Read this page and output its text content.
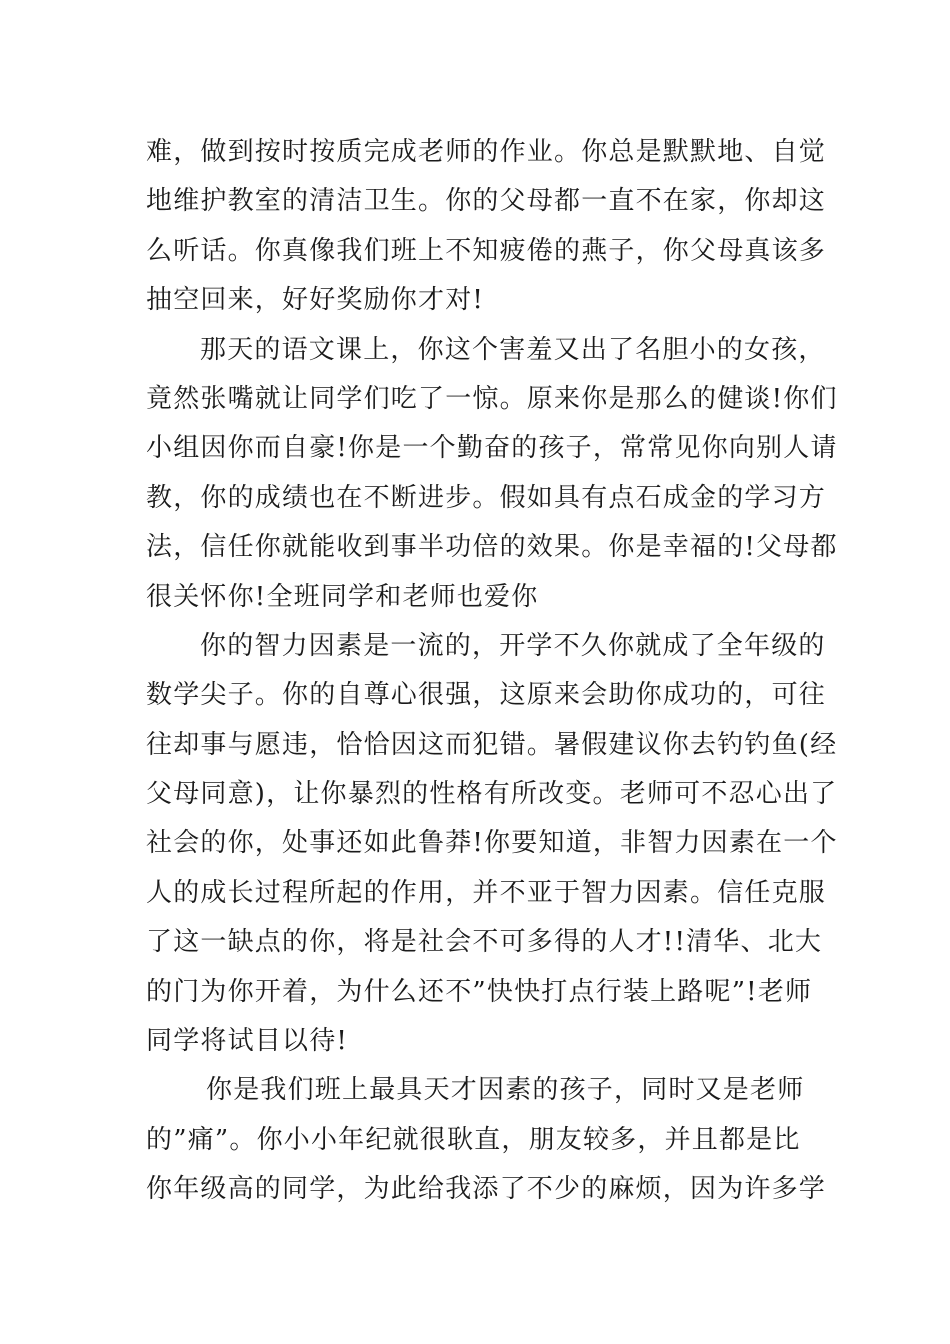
难，做到按时按质完成老师的作业。你总是默默地、自觉
地维护教室的清洁卫生。你的父母都一直不在家，你却这
么听话。你真像我们班上不知疲倦的燕子，你父母真该多
抽空回来，好好奖励你才对!
那天的语文课上，你这个害羞又出了名胆小的女孩，
竟然张嘴就让同学们吃了一惊。原来你是那么的健谈!你们
小组因你而自豪!你是一个勤奋的孩子，常常见你向别人请
教，你的成绩也在不断进步。假如具有点石成金的学习方
法，信任你就能收到事半功倍的效果。你是幸福的!父母都
很关怀你!全班同学和老师也爱你
你的智力因素是一流的，开学不久你就成了全年级的
数学尖子。你的自尊心很强，这原来会助你成功的，可往
往却事与愿违，恰恰因这而犯错。暑假建议你去钓钓鱼(经
父母同意)，让你暴烈的性格有所改变。老师可不忍心出了
社会的你，处事还如此鲁莽!你要知道，非智力因素在一个
人的成长过程所起的作用，并不亚于智力因素。信任克服
了这一缺点的你，将是社会不可多得的人才!!清华、北大
的门为你开着，为什么还不”快快打点行装上路呢”!老师
同学将试目以待!
你是我们班上最具天才因素的孩子，同时又是老师
的”痛”。你小小年纪就很耿直，朋友较多，并且都是比
你年级高的同学，为此给我添了不少的麻烦，因为许多学
